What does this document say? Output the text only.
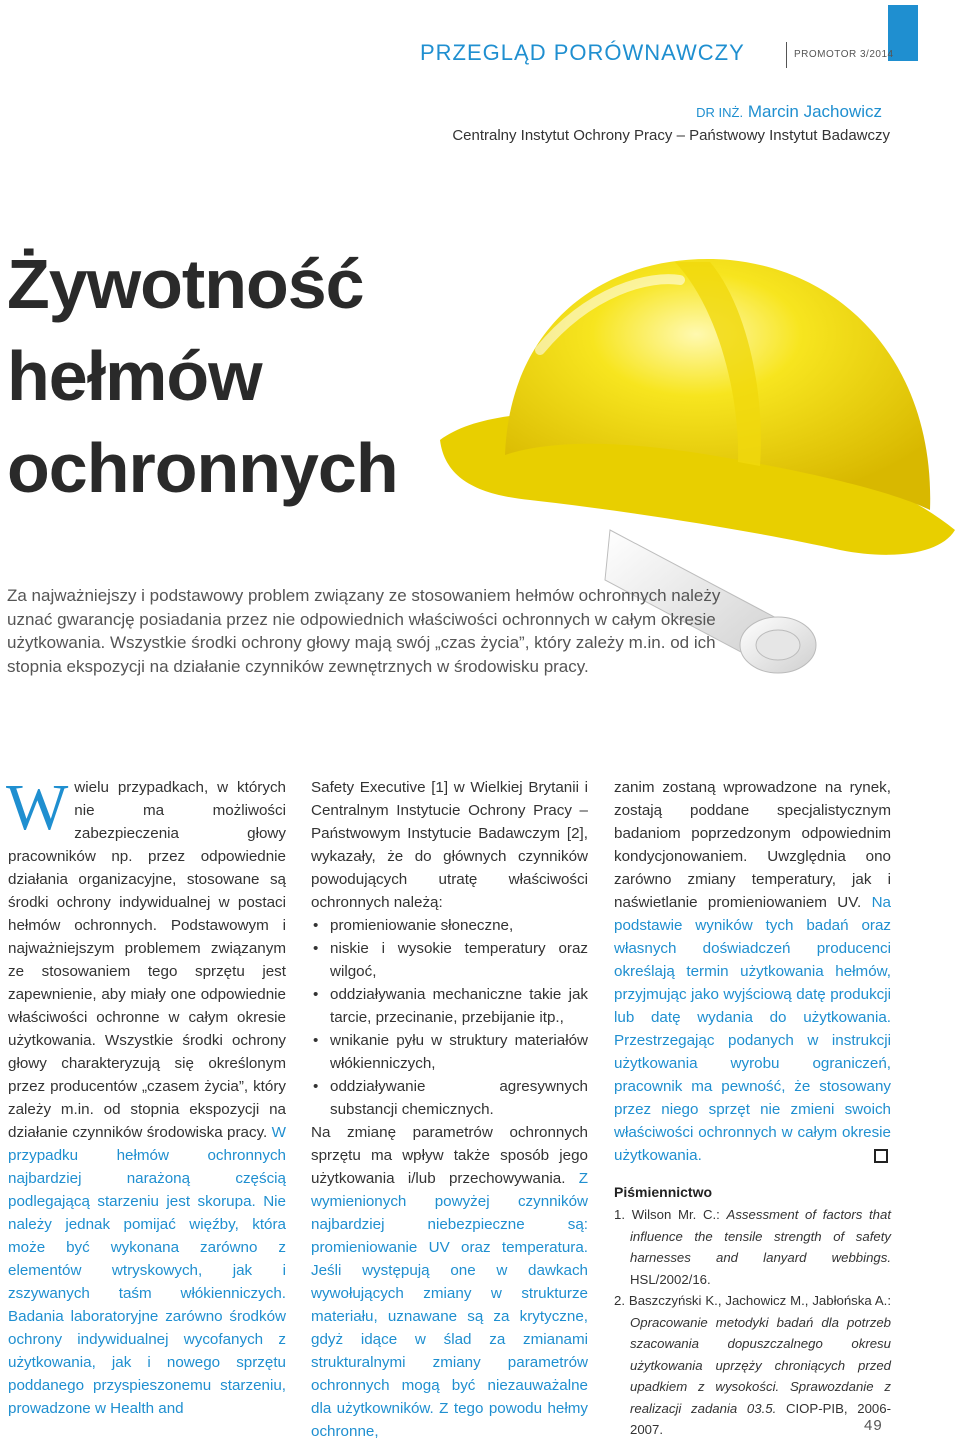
PRZEGLĄD PORÓWNAWCZY	PROMOTOR 3/2014
DR INŻ. Marcin Jachowicz
Centralny Instytut Ochrony Pracy – Państwowy Instytut Badawczy
Żywotność
hełmów
ochronnych
Za najważniejszy i podstawowy problem związany ze stosowaniem hełmów ochronnych należy uznać gwarancję posiadania przez nie odpowiednich właściwości ochronnych w całym okresie użytkowania. Wszystkie środki ochrony głowy mają swój „czas życia”, który zależy m.in. od ich stopnia ekspozycji na działanie czynników zewnętrznych w środowisku pracy.
W wielu przypadkach, w których nie ma możliwości zabezpieczenia głowy pracowników np. przez odpowiednie działania organizacyjne, stosowane są środki ochrony indywidualnej w postaci hełmów ochronnych. Podstawowym i najważniejszym problemem związanym ze stosowaniem tego sprzętu jest zapewnienie, aby miały one odpowiednie właściwości ochronne w całym okresie użytkowania. Wszystkie środki ochrony głowy charakteryzują się określonym przez producentów „czasem życia”, który zależy m.in. od stopnia ekspozycji na działanie czynników środowiska pracy. W przypadku hełmów ochronnych najbardziej narażoną częścią podlegającą starzeniu jest skorupa. Nie należy jednak pomijać więźby, która może być wykonana zarówno z elementów wtryskowych, jak i zszywanych taśm włókienniczych. Badania laboratoryjne zarówno środków ochrony indywidualnej wycofanych z użytkowania, jak i nowego sprzętu poddanego przyspieszonemu starzeniu, prowadzone w Health and
Safety Executive [1] w Wielkiej Brytanii i Centralnym Instytucie Ochrony Pracy – Państwowym Instytucie Badawczym [2], wykazały, że do głównych czynników powodujących utratę właściwości ochronnych należą:
• promieniowanie słoneczne,
• niskie i wysokie temperatury oraz wilgoć,
• oddziaływania mechaniczne takie jak tarcie, przecinanie, przebijanie itp.,
• wnikanie pyłu w struktury materiałów włókienniczych,
• oddziaływanie agresywnych substancji chemicznych.
Na zmianę parametrów ochronnych sprzętu ma wpływ także sposób jego użytkowania i/lub przechowywania. Z wymienionych powyżej czynników najbardziej niebezpieczne są: promieniowanie UV oraz temperatura. Jeśli występują one w dawkach wywołujących zmiany w strukturze materiału, uznawane są za krytyczne, gdyż idące w ślad za zmianami strukturalnymi zmiany parametrów ochronnych mogą być niezauważalne dla użytkowników. Z tego powodu hełmy ochronne,
zanim zostaną wprowadzone na rynek, zostają poddane specjalistycznym badaniom poprzedzonym odpowiednim kondycjonowaniem. Uwzględnia ono zarówno zmiany temperatury, jak i naświetlanie promieniowaniem UV. Na podstawie wyników tych badań oraz własnych doświadczeń producenci określają termin użytkowania hełmów, przyjmując jako wyjściową datę produkcji lub datę wydania do użytkowania. Przestrzegając podanych w instrukcji użytkowania wyrobu ograniczeń, pracownik ma pewność, że stosowany przez niego sprzęt nie zmieni swoich właściwości ochronnych w całym okresie użytkowania.
Piśmiennictwo
1. Wilson Mr. C.: Assessment of factors that influence the tensile strength of safety harnesses and lanyard webbings. HSL/2002/16.
2. Baszczyński K., Jachowicz M., Jabłońska A.: Opracowanie metodyki badań dla potrzeb szacowania dopuszczalnego okresu użytkowania uprzęży chroniących przed upadkiem z wysokości. Sprawozdanie z realizacji zadania 03.5. CIOP-PIB, 2006-2007.	49
